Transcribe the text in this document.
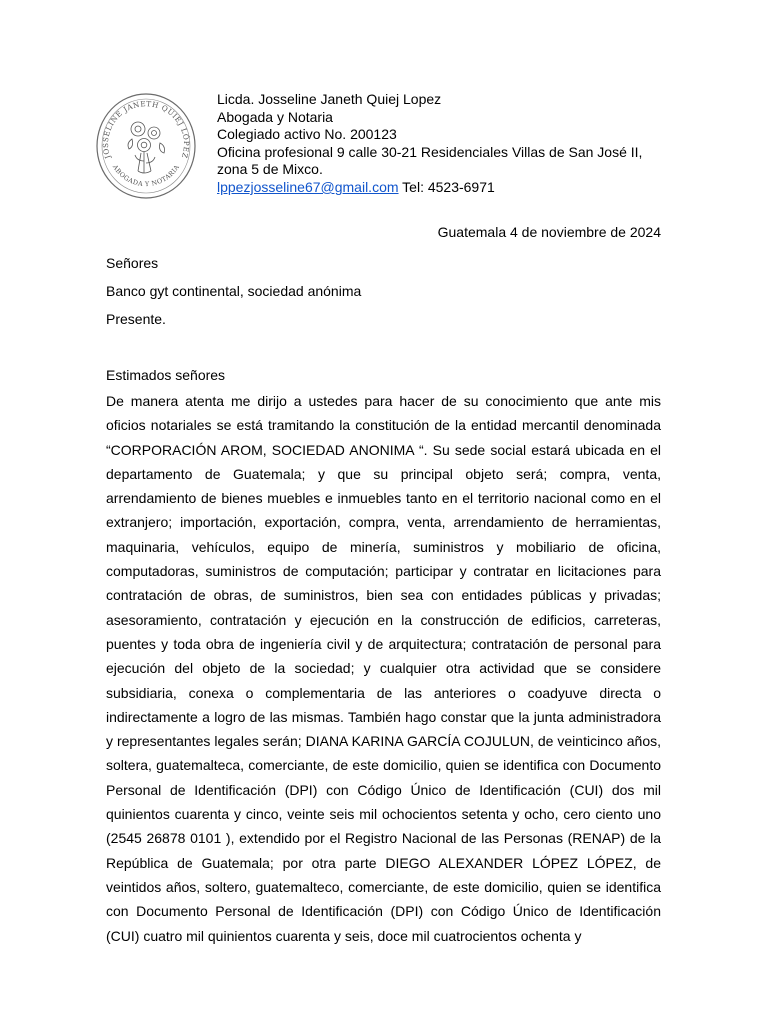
JOSSELINE JANETH QUIEJ LÓPEZ
ABOGADA Y NOTARIA
Licda. Josseline Janeth Quiej Lopez
Abogada y Notaria
Colegiado activo No. 200123
Oficina profesional 9 calle 30-21 Residenciales Villas de San José II,
zona 5 de Mixco.
lppezjosseline67@gmail.com Tel: 4523-6971
Guatemala 4 de noviembre de 2024
Señores
Banco gyt continental, sociedad anónima
Presente.
Estimados señores
De manera atenta me dirijo a ustedes para hacer de su conocimiento que ante mis oficios notariales se está tramitando la constitución de la entidad mercantil denominada “CORPORACIÓN AROM, SOCIEDAD ANONIMA “. Su sede social estará ubicada en el departamento de Guatemala; y que su principal objeto será; compra, venta, arrendamiento de bienes muebles e inmuebles tanto en el territorio nacional como en el extranjero; importación, exportación, compra, venta, arrendamiento de herramientas, maquinaria, vehículos, equipo de minería, suministros y mobiliario de oficina, computadoras, suministros de computación; participar y contratar en licitaciones para contratación de obras, de suministros, bien sea con entidades públicas y privadas; asesoramiento, contratación y ejecución en la construcción de edificios, carreteras, puentes y toda obra de ingeniería civil y de arquitectura; contratación de personal para ejecución del objeto de la sociedad; y cualquier otra actividad que se considere subsidiaria, conexa o complementaria de las anteriores o coadyuve directa o indirectamente a logro de las mismas. También hago constar que la junta administradora y representantes legales serán; DIANA KARINA GARCÍA COJULUN, de veinticinco años, soltera, guatemalteca, comerciante, de este domicilio, quien se identifica con Documento Personal de Identificación (DPI) con Código Único de Identificación (CUI) dos mil quinientos cuarenta y cinco, veinte seis mil ochocientos setenta y ocho, cero ciento uno (2545 26878 0101 ), extendido por el Registro Nacional de las Personas (RENAP) de la República de Guatemala; por otra parte DIEGO ALEXANDER LÓPEZ LÓPEZ, de veintidos años, soltero, guatemalteco, comerciante, de este domicilio, quien se identifica con Documento Personal de Identificación (DPI) con Código Único de Identificación (CUI) cuatro mil quinientos cuarenta y seis, doce mil cuatrocientos ochenta y
